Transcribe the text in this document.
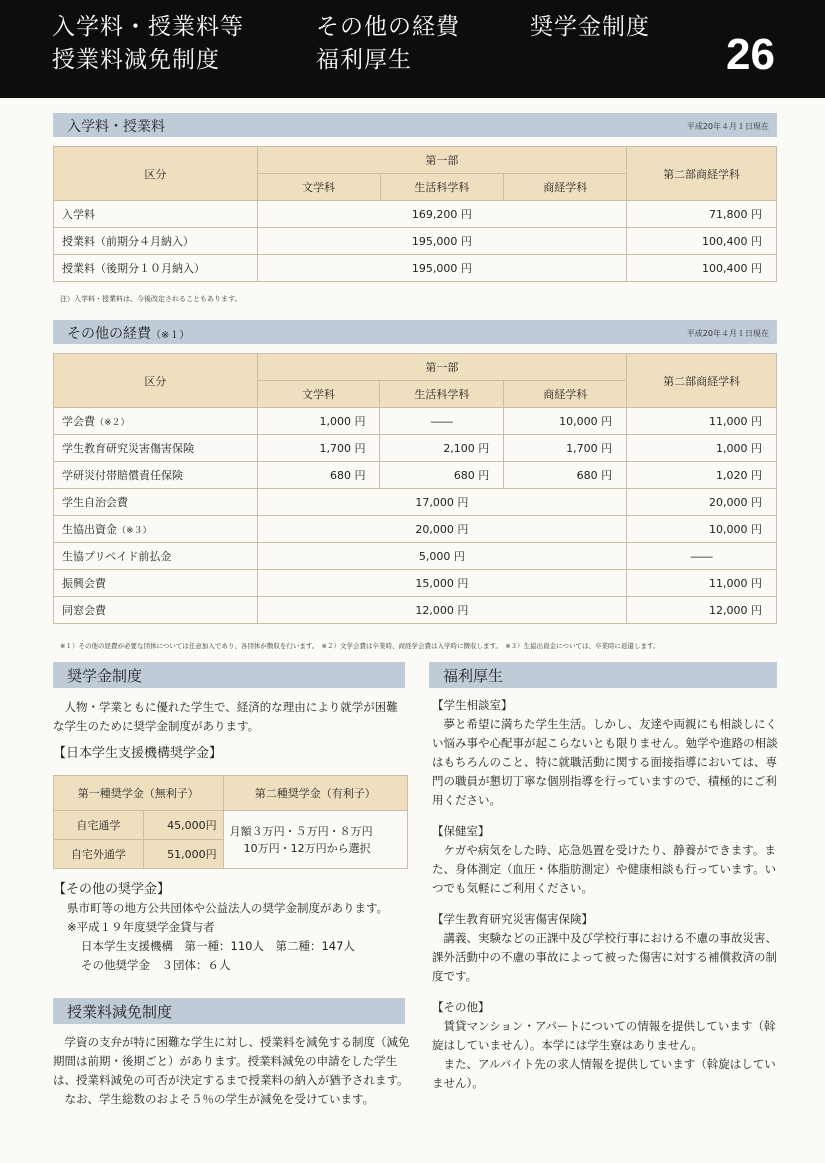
入学料・授業料等	その他の経費	奨学金制度
授業料減免制度	福利厚生	26
入学料・授業料	平成20年４月１日現在
区分	第一部			第二部商経学科
	文学科	生活科学科	商経学科	
入学料	169,200 円			71,800 円
授業料（前期分４月納入）	195,000 円			100,400 円
授業料（後期分１０月納入）	195,000 円			100,400 円
注）入学料・授業料は、今後改定されることもあります。
その他の経費（※１）	平成20年４月１日現在
区分	第一部			第二部商経学科
	文学科	生活科学科	商経学科	
学会費（※２）	1,000 円	――	10,000 円	11,000 円
学生教育研究災害傷害保険	1,700 円	2,100 円	1,700 円	1,000 円
学研災付帯賠償責任保険	680 円	680 円	680 円	1,020 円
学生自治会費	17,000 円			20,000 円
生協出資金（※３）	20,000 円			10,000 円
生協プリペイド前払金	5,000 円			――
振興会費	15,000 円			11,000 円
同窓会費	12,000 円			12,000 円
※１）その他の経費が必要な団体については任意加入であり、各団体が徴収を行います。　※２）文学会費は卒業時、商経学会費は入学時に徴収します。　※３）生協出資金については、卒業時に返還します。
奨学金制度

人物・学業ともに優れた学生で、経済的な理由により就学が困難な学生のために奨学金制度があります。

【日本学生支援機構奨学金】

第一種奨学金（無利子）		第二種奨学金（有利子）
自宅通学	45,000円	月額３万円・５万円・８万円
10万円・12万円から選択

自宅外通学	51,000円	

【その他の奨学金】

県市町等の地方公共団体や公益法人の奨学金制度があります。

※平成１９年度奨学金貸与者

日本学生支援機構　第一種：110人　第二種：147人

その他奨学金　３団体：６人

授業料減免制度

学資の支弁が特に困難な学生に対し、授業料を減免する制度（減免期間は前期・後期ごと）があります。授業料減免の申請をした学生は、授業料減免の可否が決定するまで授業料の納入が猶予されます。

なお、学生総数のおよそ５％の学生が減免を受けています。

福利厚生

【学生相談室】

夢と希望に満ちた学生生活。しかし、友達や両親にも相談しにくい悩み事や心配事が起こらないとも限りません。勉学や進路の相談はもちろんのこと、特に就職活動に関する面接指導においては、専門の職員が懇切丁寧な個別指導を行っていますので、積極的にご利用ください。

【保健室】

ケガや病気をした時、応急処置を受けたり、静養ができます。また、身体測定（血圧・体脂肪測定）や健康相談も行っています。いつでも気軽にご利用ください。

【学生教育研究災害傷害保険】

講義、実験などの正課中及び学校行事における不慮の事故災害、課外活動中の不慮の事故によって被った傷害に対する補償救済の制度です。

【その他】

賃貸マンション・アパートについての情報を提供しています（斡旋はしていません）。本学には学生寮はありません。

また、アルバイト先の求人情報を提供しています（斡旋はしていません）。
